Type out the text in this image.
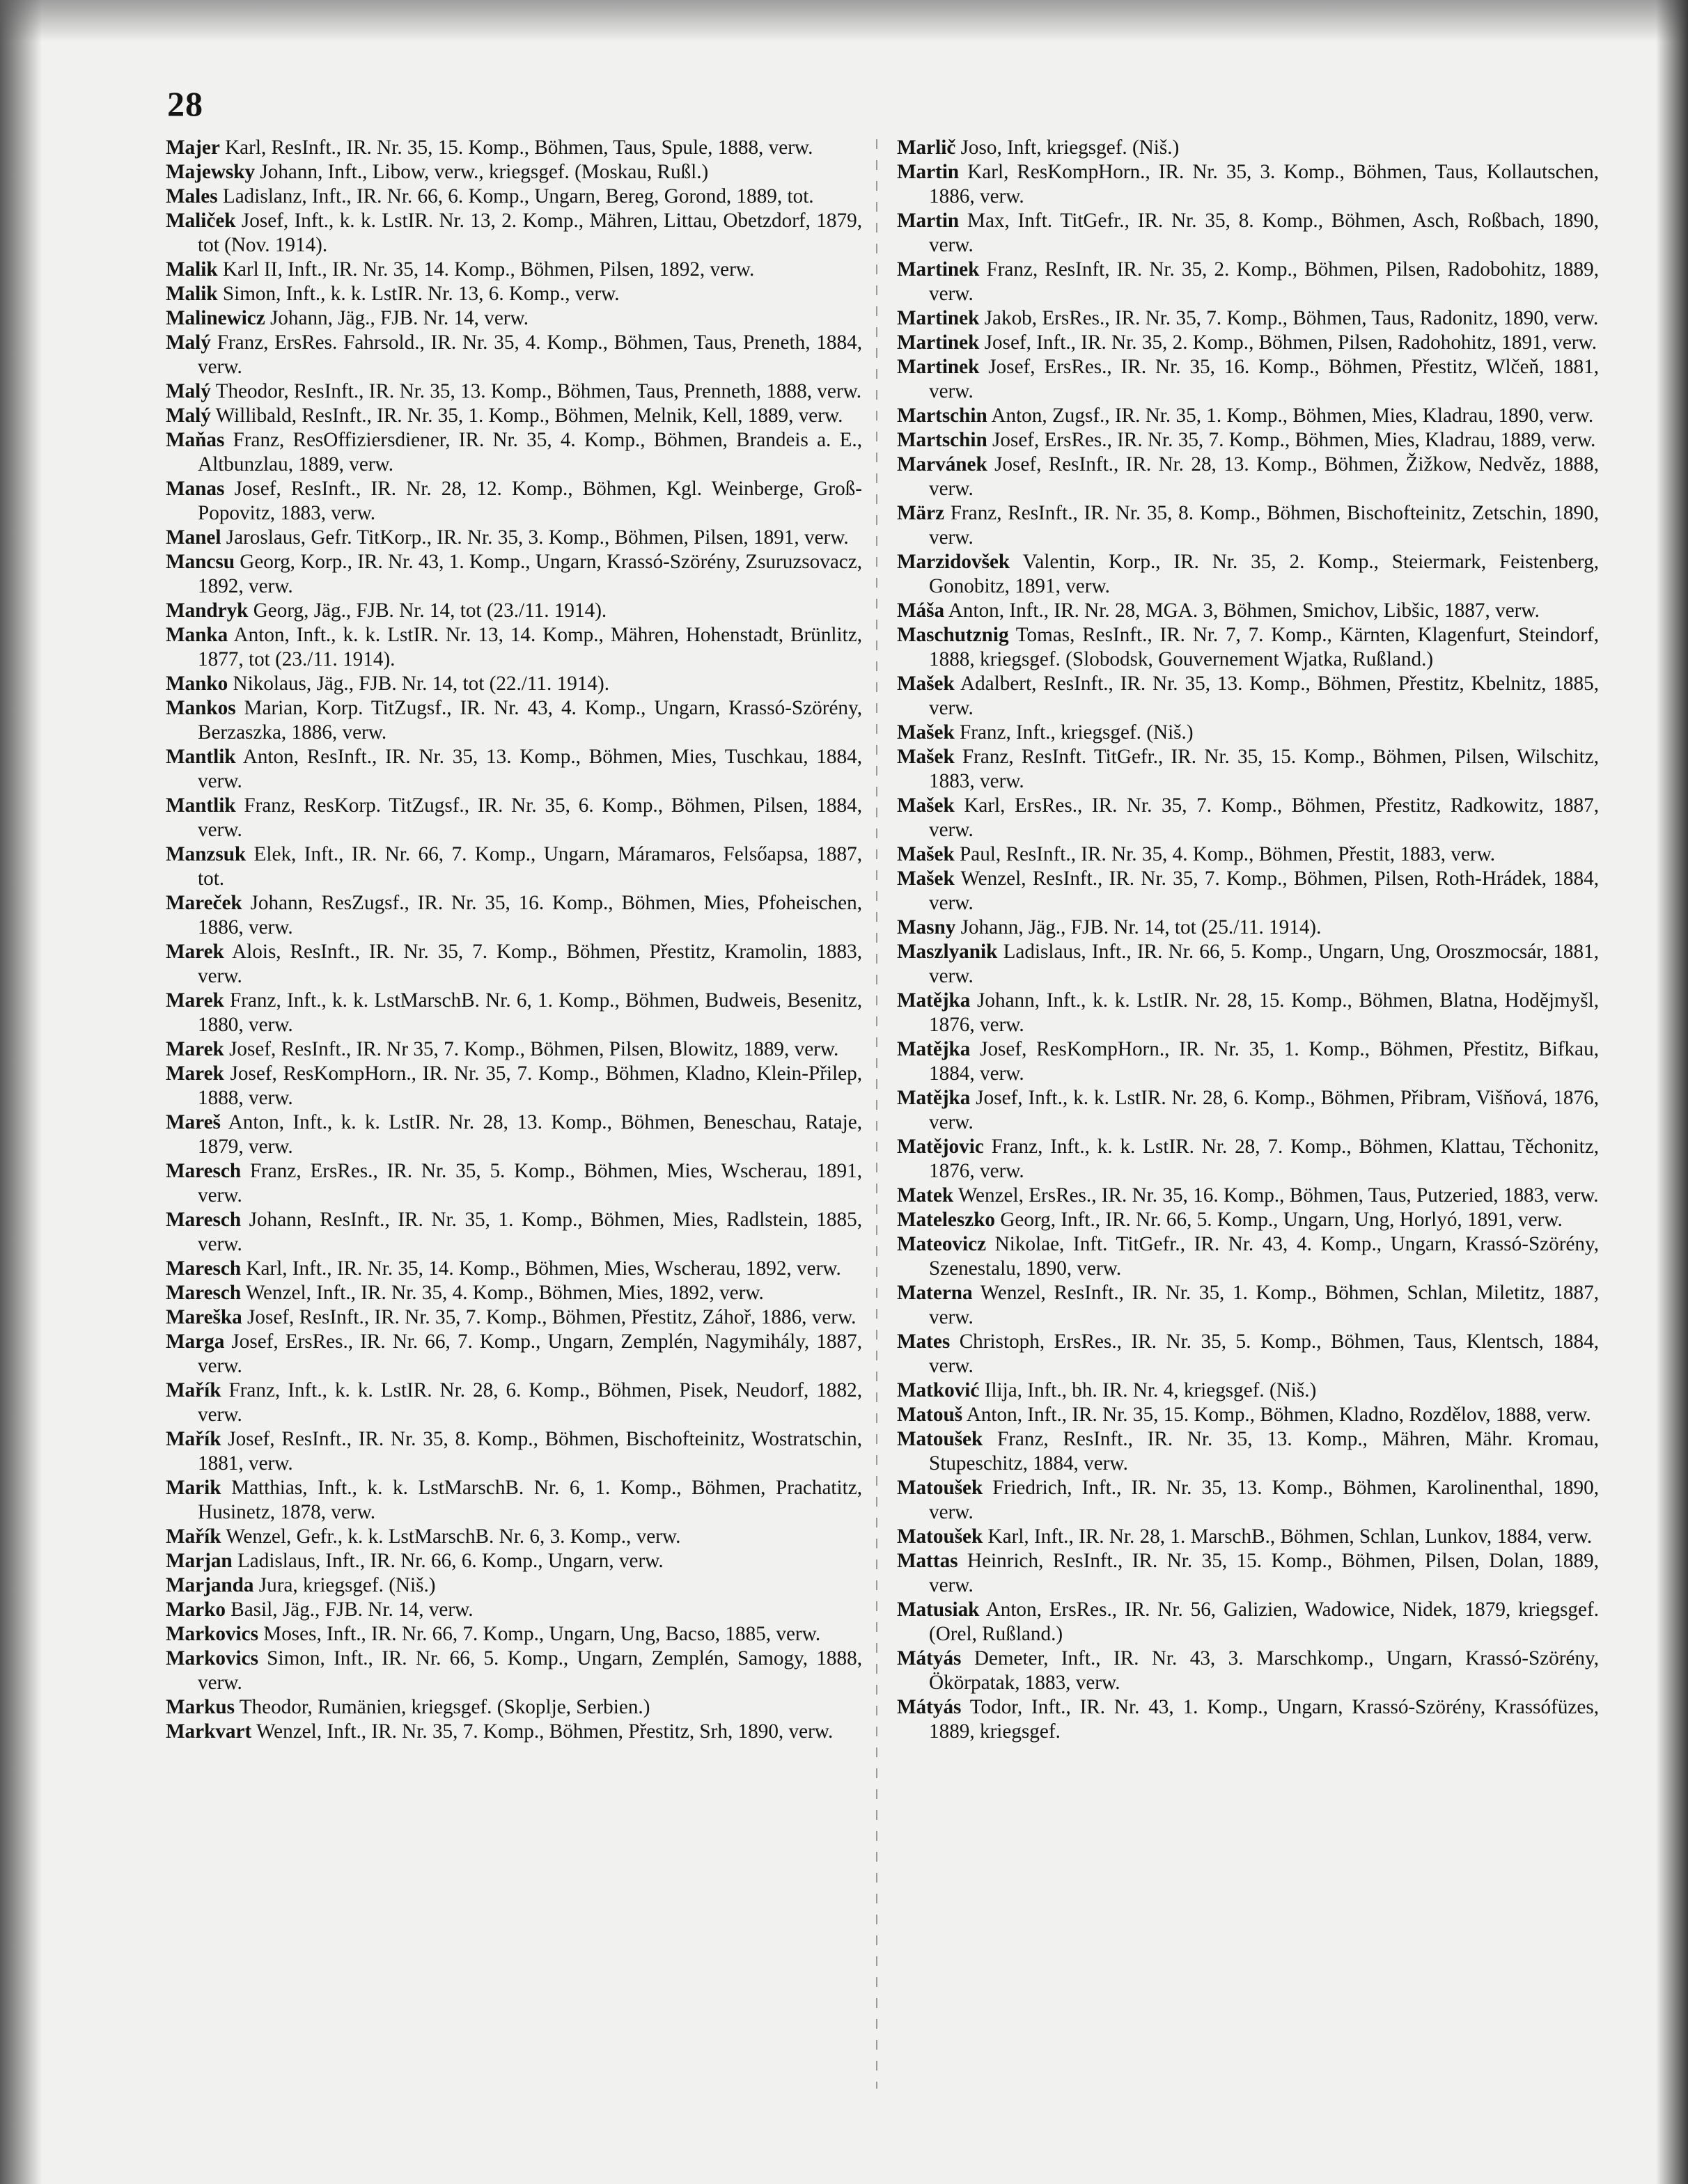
28

Majer Karl, ResInft., IR. Nr. 35, 15. Komp., Böhmen, Taus, Spule, 1888, verw.

Majewsky Johann, Inft., Libow, verw., kriegsgef. (Moskau, Rußl.)

Males Ladislanz, Inft., IR. Nr. 66, 6. Komp., Ungarn, Bereg, Gorond, 1889, tot.

Maliček Josef, Inft., k. k. LstIR. Nr. 13, 2. Komp., Mähren, Littau, Obetzdorf, 1879, tot (Nov. 1914).

Malik Karl II, Inft., IR. Nr. 35, 14. Komp., Böhmen, Pilsen, 1892, verw.

Malik Simon, Inft., k. k. LstIR. Nr. 13, 6. Komp., verw.

Malinewicz Johann, Jäg., FJB. Nr. 14, verw.

Malý Franz, ErsRes. Fahrsold., IR. Nr. 35, 4. Komp., Böhmen, Taus, Preneth, 1884, verw.

Malý Theodor, ResInft., IR. Nr. 35, 13. Komp., Böhmen, Taus, Prenneth, 1888, verw.

Malý Willibald, ResInft., IR. Nr. 35, 1. Komp., Böhmen, Melnik, Kell, 1889, verw.

Maňas Franz, ResOffiziersdiener, IR. Nr. 35, 4. Komp., Böhmen, Brandeis a. E., Altbunzlau, 1889, verw.

Manas Josef, ResInft., IR. Nr. 28, 12. Komp., Böhmen, Kgl. Weinberge, Groß-Popovitz, 1883, verw.

Manel Jaroslaus, Gefr. TitKorp., IR. Nr. 35, 3. Komp., Böhmen, Pilsen, 1891, verw.

Mancsu Georg, Korp., IR. Nr. 43, 1. Komp., Ungarn, Krassó-Szörény, Zsuruzsovacz, 1892, verw.

Mandryk Georg, Jäg., FJB. Nr. 14, tot (23./11. 1914).

Manka Anton, Inft., k. k. LstIR. Nr. 13, 14. Komp., Mähren, Hohenstadt, Brünlitz, 1877, tot (23./11. 1914).

Manko Nikolaus, Jäg., FJB. Nr. 14, tot (22./11. 1914).

Mankos Marian, Korp. TitZugsf., IR. Nr. 43, 4. Komp., Ungarn, Krassó-Szörény, Berzaszka, 1886, verw.

Mantlik Anton, ResInft., IR. Nr. 35, 13. Komp., Böhmen, Mies, Tuschkau, 1884, verw.

Mantlik Franz, ResKorp. TitZugsf., IR. Nr. 35, 6. Komp., Böhmen, Pilsen, 1884, verw.

Manzsuk Elek, Inft., IR. Nr. 66, 7. Komp., Ungarn, Máramaros, Felsőapsa, 1887, tot.

Mareček Johann, ResZugsf., IR. Nr. 35, 16. Komp., Böhmen, Mies, Pfoheischen, 1886, verw.

Marek Alois, ResInft., IR. Nr. 35, 7. Komp., Böhmen, Přestitz, Kramolin, 1883, verw.

Marek Franz, Inft., k. k. LstMarschB. Nr. 6, 1. Komp., Böhmen, Budweis, Besenitz, 1880, verw.

Marek Josef, ResInft., IR. Nr 35, 7. Komp., Böhmen, Pilsen, Blowitz, 1889, verw.

Marek Josef, ResKompHorn., IR. Nr. 35, 7. Komp., Böhmen, Kladno, Klein-Přilep, 1888, verw.

Mareš Anton, Inft., k. k. LstIR. Nr. 28, 13. Komp., Böhmen, Beneschau, Rataje, 1879, verw.

Maresch Franz, ErsRes., IR. Nr. 35, 5. Komp., Böhmen, Mies, Wscherau, 1891, verw.

Maresch Johann, ResInft., IR. Nr. 35, 1. Komp., Böhmen, Mies, Radlstein, 1885, verw.

Maresch Karl, Inft., IR. Nr. 35, 14. Komp., Böhmen, Mies, Wscherau, 1892, verw.

Maresch Wenzel, Inft., IR. Nr. 35, 4. Komp., Böhmen, Mies, 1892, verw.

Mareška Josef, ResInft., IR. Nr. 35, 7. Komp., Böhmen, Přestitz, Záhoř, 1886, verw.

Marga Josef, ErsRes., IR. Nr. 66, 7. Komp., Ungarn, Zemplén, Nagymihály, 1887, verw.

Mařík Franz, Inft., k. k. LstIR. Nr. 28, 6. Komp., Böhmen, Pisek, Neudorf, 1882, verw.

Mařík Josef, ResInft., IR. Nr. 35, 8. Komp., Böhmen, Bischofteinitz, Wostratschin, 1881, verw.

Marik Matthias, Inft., k. k. LstMarschB. Nr. 6, 1. Komp., Böhmen, Prachatitz, Husinetz, 1878, verw.

Mařík Wenzel, Gefr., k. k. LstMarschB. Nr. 6, 3. Komp., verw.

Marjan Ladislaus, Inft., IR. Nr. 66, 6. Komp., Ungarn, verw.

Marjanda Jura, kriegsgef. (Niš.)

Marko Basil, Jäg., FJB. Nr. 14, verw.

Markovics Moses, Inft., IR. Nr. 66, 7. Komp., Ungarn, Ung, Bacso, 1885, verw.

Markovics Simon, Inft., IR. Nr. 66, 5. Komp., Ungarn, Zemplén, Samogy, 1888, verw.

Markus Theodor, Rumänien, kriegsgef. (Skoplje, Serbien.)

Markvart Wenzel, Inft., IR. Nr. 35, 7. Komp., Böhmen, Přestitz, Srh, 1890, verw.

Marlič Joso, Inft, kriegsgef. (Niš.)

Martin Karl, ResKompHorn., IR. Nr. 35, 3. Komp., Böhmen, Taus, Kollautschen, 1886, verw.

Martin Max, Inft. TitGefr., IR. Nr. 35, 8. Komp., Böhmen, Asch, Roßbach, 1890, verw.

Martinek Franz, ResInft, IR. Nr. 35, 2. Komp., Böhmen, Pilsen, Radobohitz, 1889, verw.

Martinek Jakob, ErsRes., IR. Nr. 35, 7. Komp., Böhmen, Taus, Radonitz, 1890, verw.

Martinek Josef, Inft., IR. Nr. 35, 2. Komp., Böhmen, Pilsen, Radohohitz, 1891, verw.

Martinek Josef, ErsRes., IR. Nr. 35, 16. Komp., Böhmen, Přestitz, Wlčeň, 1881, verw.

Martschin Anton, Zugsf., IR. Nr. 35, 1. Komp., Böhmen, Mies, Kladrau, 1890, verw.

Martschin Josef, ErsRes., IR. Nr. 35, 7. Komp., Böhmen, Mies, Kladrau, 1889, verw.

Marvánek Josef, ResInft., IR. Nr. 28, 13. Komp., Böhmen, Žižkow, Nedvěz, 1888, verw.

März Franz, ResInft., IR. Nr. 35, 8. Komp., Böhmen, Bischofteinitz, Zetschin, 1890, verw.

Marzidovšek Valentin, Korp., IR. Nr. 35, 2. Komp., Steiermark, Feistenberg, Gonobitz, 1891, verw.

Máša Anton, Inft., IR. Nr. 28, MGA. 3, Böhmen, Smichov, Libšic, 1887, verw.

Maschutznig Tomas, ResInft., IR. Nr. 7, 7. Komp., Kärnten, Klagenfurt, Steindorf, 1888, kriegsgef. (Slobodsk, Gouvernement Wjatka, Rußland.)

Mašek Adalbert, ResInft., IR. Nr. 35, 13. Komp., Böhmen, Přestitz, Kbelnitz, 1885, verw.

Mašek Franz, Inft., kriegsgef. (Niš.)

Mašek Franz, ResInft. TitGefr., IR. Nr. 35, 15. Komp., Böhmen, Pilsen, Wilschitz, 1883, verw.

Mašek Karl, ErsRes., IR. Nr. 35, 7. Komp., Böhmen, Přestitz, Radkowitz, 1887, verw.

Mašek Paul, ResInft., IR. Nr. 35, 4. Komp., Böhmen, Přestit, 1883, verw.

Mašek Wenzel, ResInft., IR. Nr. 35, 7. Komp., Böhmen, Pilsen, Roth-Hrádek, 1884, verw.

Masny Johann, Jäg., FJB. Nr. 14, tot (25./11. 1914).

Maszlyanik Ladislaus, Inft., IR. Nr. 66, 5. Komp., Ungarn, Ung, Oroszmocsár, 1881, verw.

Matějka Johann, Inft., k. k. LstIR. Nr. 28, 15. Komp., Böhmen, Blatna, Hodějmyšl, 1876, verw.

Matějka Josef, ResKompHorn., IR. Nr. 35, 1. Komp., Böhmen, Přestitz, Bifkau, 1884, verw.

Matějka Josef, Inft., k. k. LstIR. Nr. 28, 6. Komp., Böhmen, Přibram, Višňová, 1876, verw.

Matějovic Franz, Inft., k. k. LstIR. Nr. 28, 7. Komp., Böhmen, Klattau, Těchonitz, 1876, verw.

Matek Wenzel, ErsRes., IR. Nr. 35, 16. Komp., Böhmen, Taus, Putzeried, 1883, verw.

Mateleszko Georg, Inft., IR. Nr. 66, 5. Komp., Ungarn, Ung, Horlyó, 1891, verw.

Mateovicz Nikolae, Inft. TitGefr., IR. Nr. 43, 4. Komp., Ungarn, Krassó-Szörény, Szenestalu, 1890, verw.

Materna Wenzel, ResInft., IR. Nr. 35, 1. Komp., Böhmen, Schlan, Miletitz, 1887, verw.

Mates Christoph, ErsRes., IR. Nr. 35, 5. Komp., Böhmen, Taus, Klentsch, 1884, verw.

Matković Ilija, Inft., bh. IR. Nr. 4, kriegsgef. (Niš.)

Matouš Anton, Inft., IR. Nr. 35, 15. Komp., Böhmen, Kladno, Rozdělov, 1888, verw.

Matoušek Franz, ResInft., IR. Nr. 35, 13. Komp., Mähren, Mähr. Kromau, Stupeschitz, 1884, verw.

Matoušek Friedrich, Inft., IR. Nr. 35, 13. Komp., Böhmen, Karolinenthal, 1890, verw.

Matoušek Karl, Inft., IR. Nr. 28, 1. MarschB., Böhmen, Schlan, Lunkov, 1884, verw.

Mattas Heinrich, ResInft., IR. Nr. 35, 15. Komp., Böhmen, Pilsen, Dolan, 1889, verw.

Matusiak Anton, ErsRes., IR. Nr. 56, Galizien, Wadowice, Nidek, 1879, kriegsgef. (Orel, Rußland.)

Mátyás Demeter, Inft., IR. Nr. 43, 3. Marschkomp., Ungarn, Krassó-Szörény, Ökörpatak, 1883, verw.

Mátyás Todor, Inft., IR. Nr. 43, 1. Komp., Ungarn, Krassó-Szörény, Krassófüzes, 1889, kriegsgef.
